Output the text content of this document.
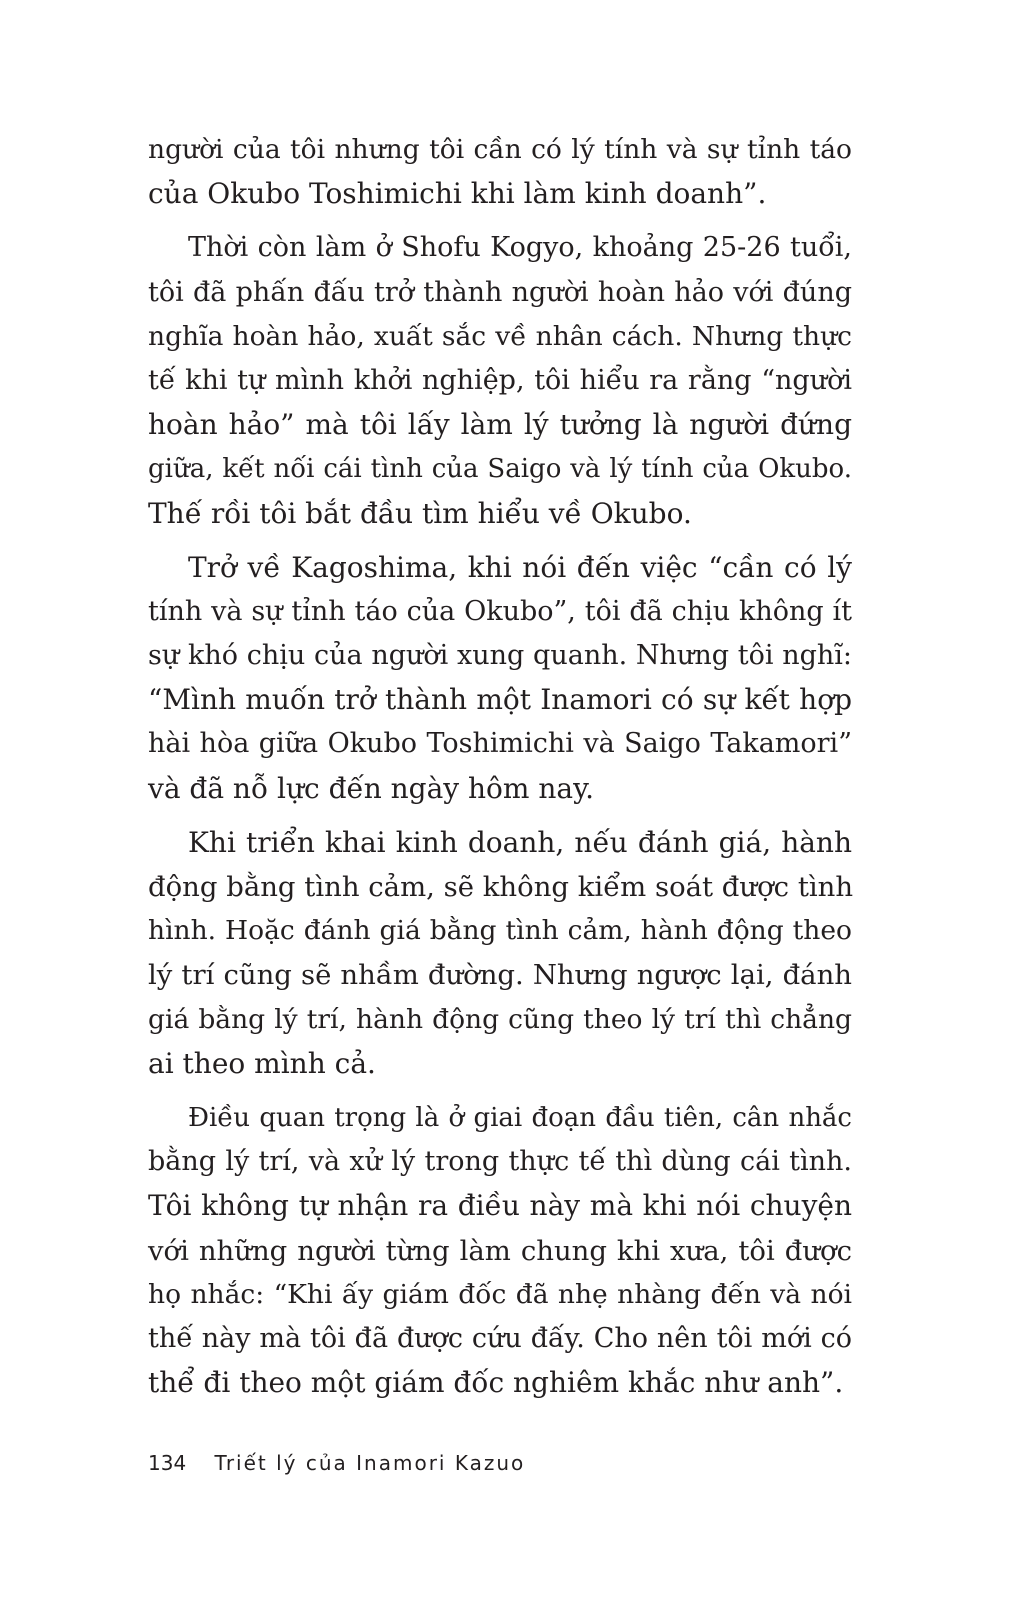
người của tôi nhưng tôi cần có lý tính và sự tỉnh táo
của Okubo Toshimichi khi làm kinh doanh”.
Thời còn làm ở Shofu Kogyo, khoảng 25-26 tuổi,
tôi đã phấn đấu trở thành người hoàn hảo với đúng
nghĩa hoàn hảo, xuất sắc về nhân cách. Nhưng thực
tế khi tự mình khởi nghiệp, tôi hiểu ra rằng “người
hoàn hảo” mà tôi lấy làm lý tưởng là người đứng
giữa, kết nối cái tình của Saigo và lý tính của Okubo.
Thế rồi tôi bắt đầu tìm hiểu về Okubo.
Trở về Kagoshima, khi nói đến việc “cần có lý
tính và sự tỉnh táo của Okubo”, tôi đã chịu không ít
sự khó chịu của người xung quanh. Nhưng tôi nghĩ:
“Mình muốn trở thành một Inamori có sự kết hợp
hài hòa giữa Okubo Toshimichi và Saigo Takamori”
và đã nỗ lực đến ngày hôm nay.
Khi triển khai kinh doanh, nếu đánh giá, hành
động bằng tình cảm, sẽ không kiểm soát được tình
hình. Hoặc đánh giá bằng tình cảm, hành động theo
lý trí cũng sẽ nhầm đường. Nhưng ngược lại, đánh
giá bằng lý trí, hành động cũng theo lý trí thì chẳng
ai theo mình cả.
Điều quan trọng là ở giai đoạn đầu tiên, cân nhắc
bằng lý trí, và xử lý trong thực tế thì dùng cái tình.
Tôi không tự nhận ra điều này mà khi nói chuyện
với những người từng làm chung khi xưa, tôi được
họ nhắc: “Khi ấy giám đốc đã nhẹ nhàng đến và nói
thế này mà tôi đã được cứu đấy. Cho nên tôi mới có
thể đi theo một giám đốc nghiêm khắc như anh”.
134 Triết lý của Inamori Kazuo
